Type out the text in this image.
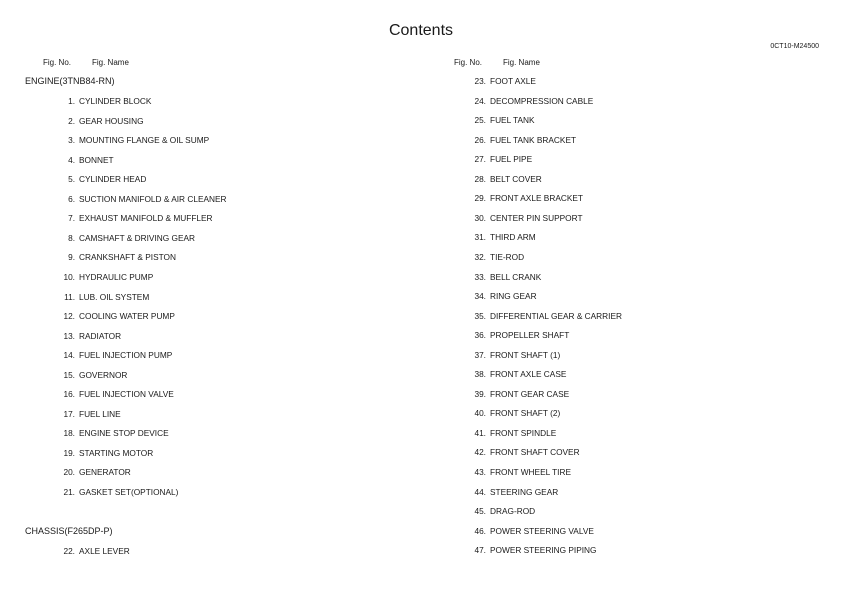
Contents
0CT10-M24500
Fig. No.	Fig. Name	Fig. No.	Fig. Name
ENGINE(3TNB84-RN)
CHASSIS(F265DP-P)
1. CYLINDER BLOCK
2. GEAR HOUSING
3. MOUNTING FLANGE & OIL SUMP
4. BONNET
5. CYLINDER HEAD
6. SUCTION MANIFOLD & AIR CLEANER
7. EXHAUST MANIFOLD & MUFFLER
8. CAMSHAFT & DRIVING GEAR
9. CRANKSHAFT & PISTON
10. HYDRAULIC PUMP
11. LUB. OIL SYSTEM
12. COOLING WATER PUMP
13. RADIATOR
14. FUEL INJECTION PUMP
15. GOVERNOR
16. FUEL INJECTION VALVE
17. FUEL LINE
18. ENGINE STOP DEVICE
19. STARTING MOTOR
20. GENERATOR
21. GASKET SET(OPTIONAL)
22. AXLE LEVER
23. FOOT AXLE
24. DECOMPRESSION CABLE
25. FUEL TANK
26. FUEL TANK BRACKET
27. FUEL PIPE
28. BELT COVER
29. FRONT AXLE BRACKET
30. CENTER PIN SUPPORT
31. THIRD ARM
32. TIE-ROD
33. BELL CRANK
34. RING GEAR
35. DIFFERENTIAL GEAR & CARRIER
36. PROPELLER SHAFT
37. FRONT SHAFT (1)
38. FRONT AXLE CASE
39. FRONT GEAR CASE
40. FRONT SHAFT (2)
41. FRONT SPINDLE
42. FRONT SHAFT COVER
43. FRONT WHEEL TIRE
44. STEERING GEAR
45. DRAG-ROD
46. POWER STEERING VALVE
47. POWER STEERING PIPING
